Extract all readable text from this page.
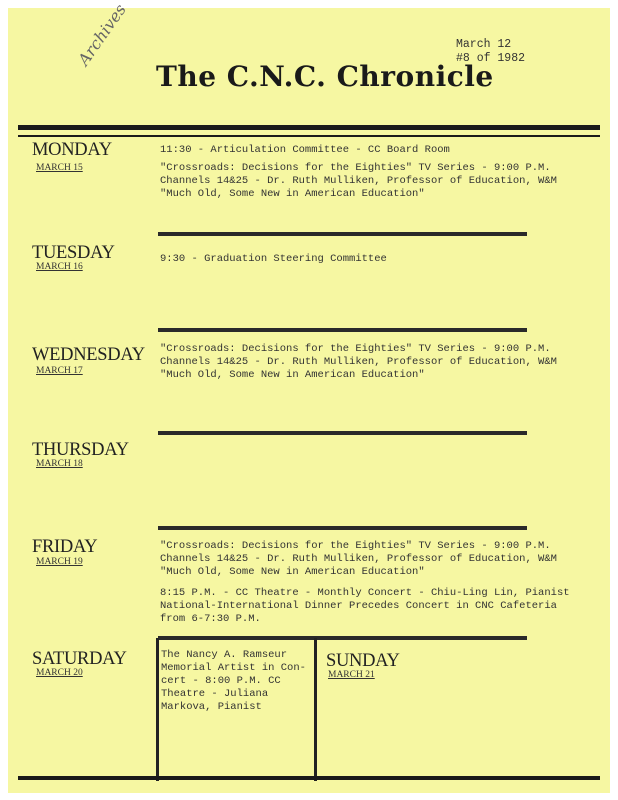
Archives
The C.N.C. Chronicle
March 12
#8 of 1982
MONDAY
MARCH 15
11:30 - Articulation Committee - CC Board Room
"Crossroads: Decisions for the Eighties" TV Series - 9:00 P.M.
Channels 14&25 - Dr. Ruth Mulliken, Professor of Education, W&M
"Much Old, Some New in American Education"
TUESDAY
MARCH 16
9:30 - Graduation Steering Committee
WEDNESDAY
MARCH 17
"Crossroads: Decisions for the Eighties" TV Series - 9:00 P.M.
Channels 14&25 - Dr. Ruth Mulliken, Professor of Education, W&M
"Much Old, Some New in American Education"
THURSDAY
MARCH 18
FRIDAY
MARCH 19
"Crossroads: Decisions for the Eighties" TV Series - 9:00 P.M.
Channels 14&25 - Dr. Ruth Mulliken, Professor of Education, W&M
"Much Old, Some New in American Education"
8:15 P.M. - CC Theatre - Monthly Concert - Chiu-Ling Lin, Pianist
National-International Dinner Precedes Concert in CNC Cafeteria
from 6-7:30 P.M.
SATURDAY
MARCH 20
The Nancy A. Ramseur
Memorial Artist in Con-
cert - 8:00 P.M. CC
Theatre - Juliana
Markova, Pianist
SUNDAY
MARCH 21
